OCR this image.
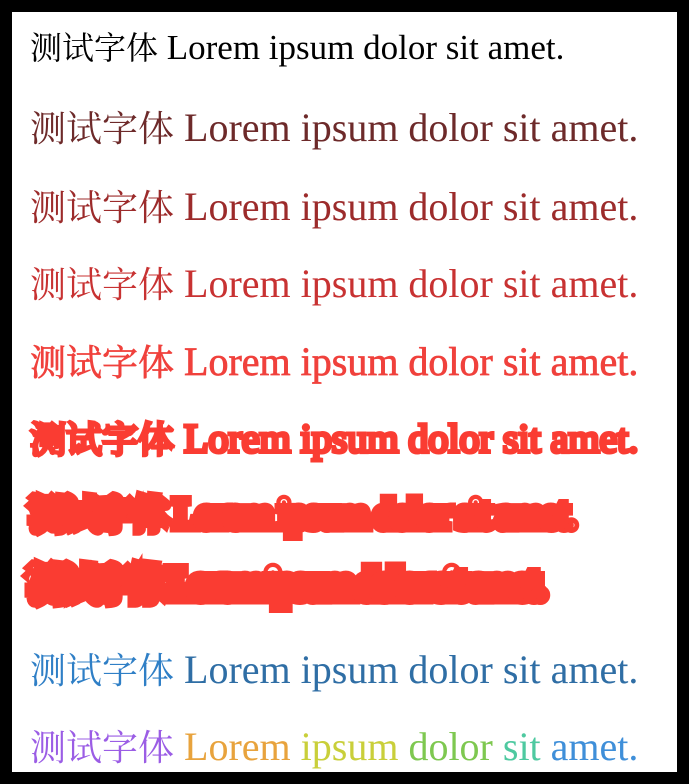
测试字体 Lorem ipsum dolor sit amet.
测试字体 Lorem ipsum dolor sit amet.
测试字体 Lorem ipsum dolor sit amet.
测试字体 Lorem ipsum dolor sit amet.
测试字体 Lorem ipsum dolor sit amet.
测试字体 Lorem ipsum dolor sit amet.
测试字体 Lorem ipsum dolor sit amet.
测试字体 Lorem ipsum dolor sit amet.
测试字体 Lorem ipsum dolor sit amet.
测试字体 Lorem ipsum dolor sit amet.
